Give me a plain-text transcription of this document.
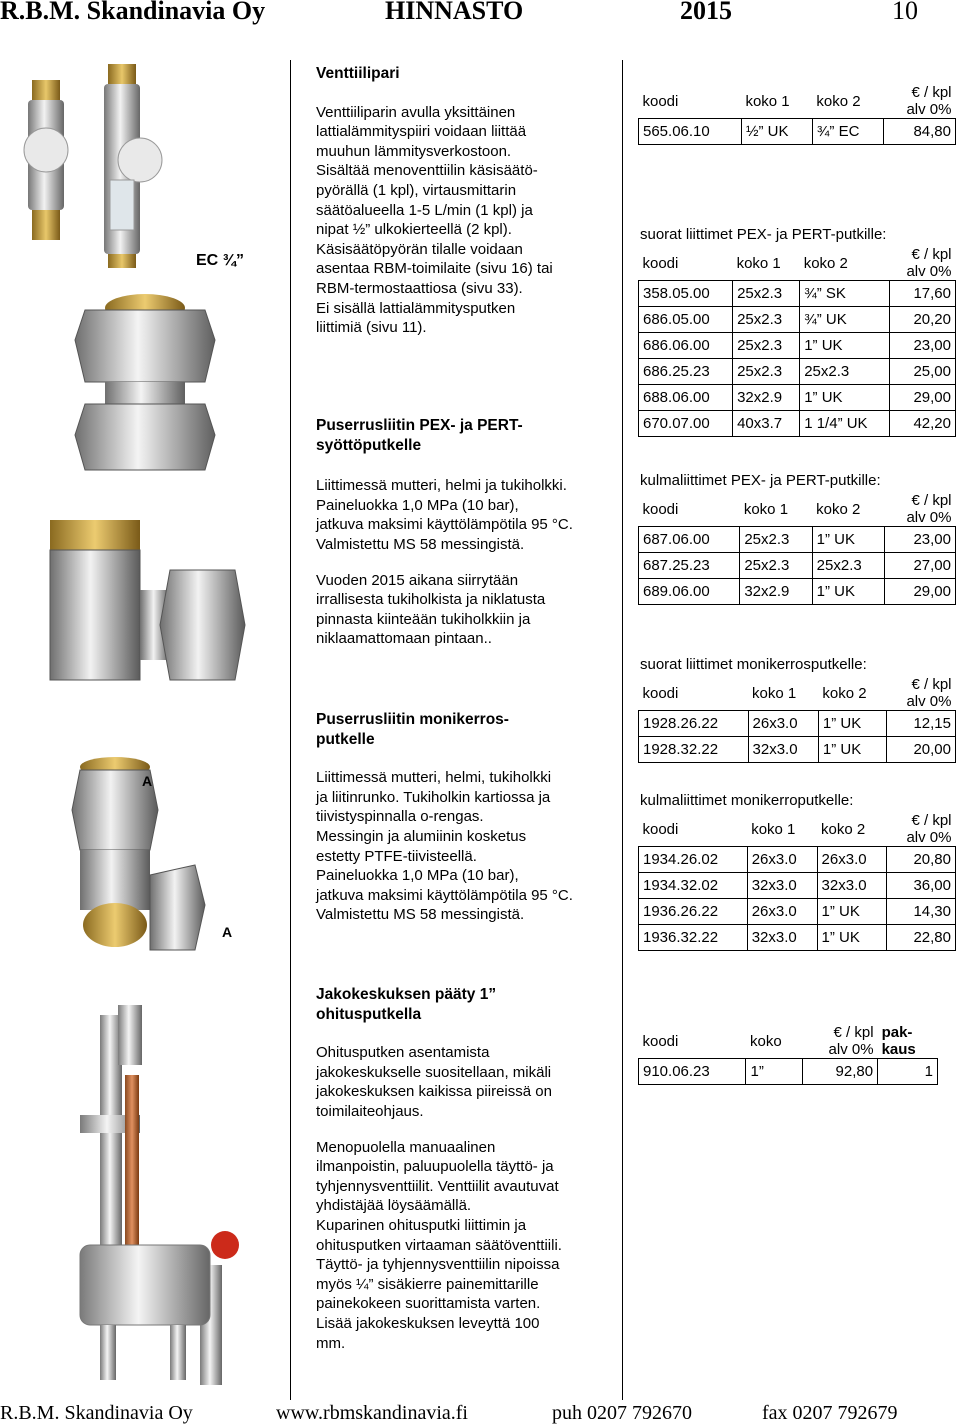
R.B.M. Skandinavia Oy	HINNASTO	2015	10
EC ¾”
A
A

Venttiilipari

Venttiiliparin avulla yksittäinen

lattialämmityspiiri voidaan liittää

muuhun lämmitysverkostoon.

Sisältää menoventtiilin käsisäätö-

pyörällä (1 kpl), virtausmittarin

säätöalueella 1-5 L/min (1 kpl) ja

nipat ½” ulkokierteellä (2 kpl).

Käsisäätöpyörän tilalle voidaan

asentaa RBM-toimilaite (sivu 16) tai

RBM-termostaattiosa (sivu 33).

Ei sisällä lattialämmitysputken

liittimiä (sivu 11).

Puserrusliitin PEX- ja PERT-

syöttöputkelle

Liittimessä mutteri, helmi ja tukiholkki.

Paineluokka 1,0 MPa (10 bar),

jatkuva maksimi käyttölämpötila 95 °C.

Valmistettu MS 58 messingistä.

Vuoden 2015 aikana siirrytään

irrallisesta tukiholkista ja niklatusta

pinnasta kiinteään tukiholkkiin ja

niklaamattomaan pintaan..

Puserrusliitin monikerros-

putkelle

Liittimessä mutteri, helmi, tukiholkki

ja liitinrunko. Tukiholkin kartiossa ja

tiivistyspinnalla o-rengas.

Messingin ja alumiinin kosketus

estetty PTFE-tiivisteellä.

Paineluokka 1,0 MPa (10 bar),

jatkuva maksimi käyttölämpötila 95 °C.

Valmistettu MS 58 messingistä.

Jakokeskuksen pääty 1”

ohitusputkella

Ohitusputken asentamista

jakokeskukselle suositellaan, mikäli

jakokeskuksen kaikissa piireissä on

toimilaiteohjaus.

Menopuolella manuaalinen

ilmanpoistin, paluupuolella täyttö- ja

tyhjennysventtiilit. Venttiilit avautuvat

yhdistäjää löysäämällä.

Kuparinen ohitusputki liittimin ja

ohitusputken virtaaman säätöventtiili.

Täyttö- ja tyhjennysventtiilin nipoissa

myös ¼” sisäkierre painemittarille

painekokeen suorittamista varten.

Lisää jakokeskuksen leveyttä 100

mm.

koodi	koko 1	koko 2	€ / kpl
alv 0%
565.06.10	½” UK	¾” EC	84,80
suorat liittimet PEX- ja PERT-putkille:
koodi	koko 1	koko 2	€ / kpl
alv 0%
358.05.00	25x2.3	¾” SK	17,60
686.05.00	25x2.3	¾” UK	20,20
686.06.00	25x2.3	1” UK	23,00
686.25.23	25x2.3	25x2.3	25,00
688.06.00	32x2.9	1” UK	29,00
670.07.00	40x3.7	1 1/4” UK	42,20
kulmaliittimet PEX- ja PERT-putkille:
koodi	koko 1	koko 2	€ / kpl
alv 0%
687.06.00	25x2.3	1” UK	23,00
687.25.23	25x2.3	25x2.3	27,00
689.06.00	32x2.9	1” UK	29,00
suorat liittimet monikerrosputkelle:
koodi	koko 1	koko 2	€ / kpl
alv 0%
1928.26.22	26x3.0	1” UK	12,15
1928.32.22	32x3.0	1” UK	20,00
kulmaliittimet monikerroputkelle:
koodi	koko 1	koko 2	€ / kpl
alv 0%
1934.26.02	26x3.0	26x3.0	20,80
1934.32.02	32x3.0	32x3.0	36,00
1936.26.22	26x3.0	1” UK	14,30
1936.32.22	32x3.0	1” UK	22,80
koodi	koko	€ / kpl
alv 0%	pak-
kaus
910.06.23	1”	92,80	1
R.B.M. Skandinavia Oy	www.rbmskandinavia.fi	puh 0207 792670	fax 0207 792679
